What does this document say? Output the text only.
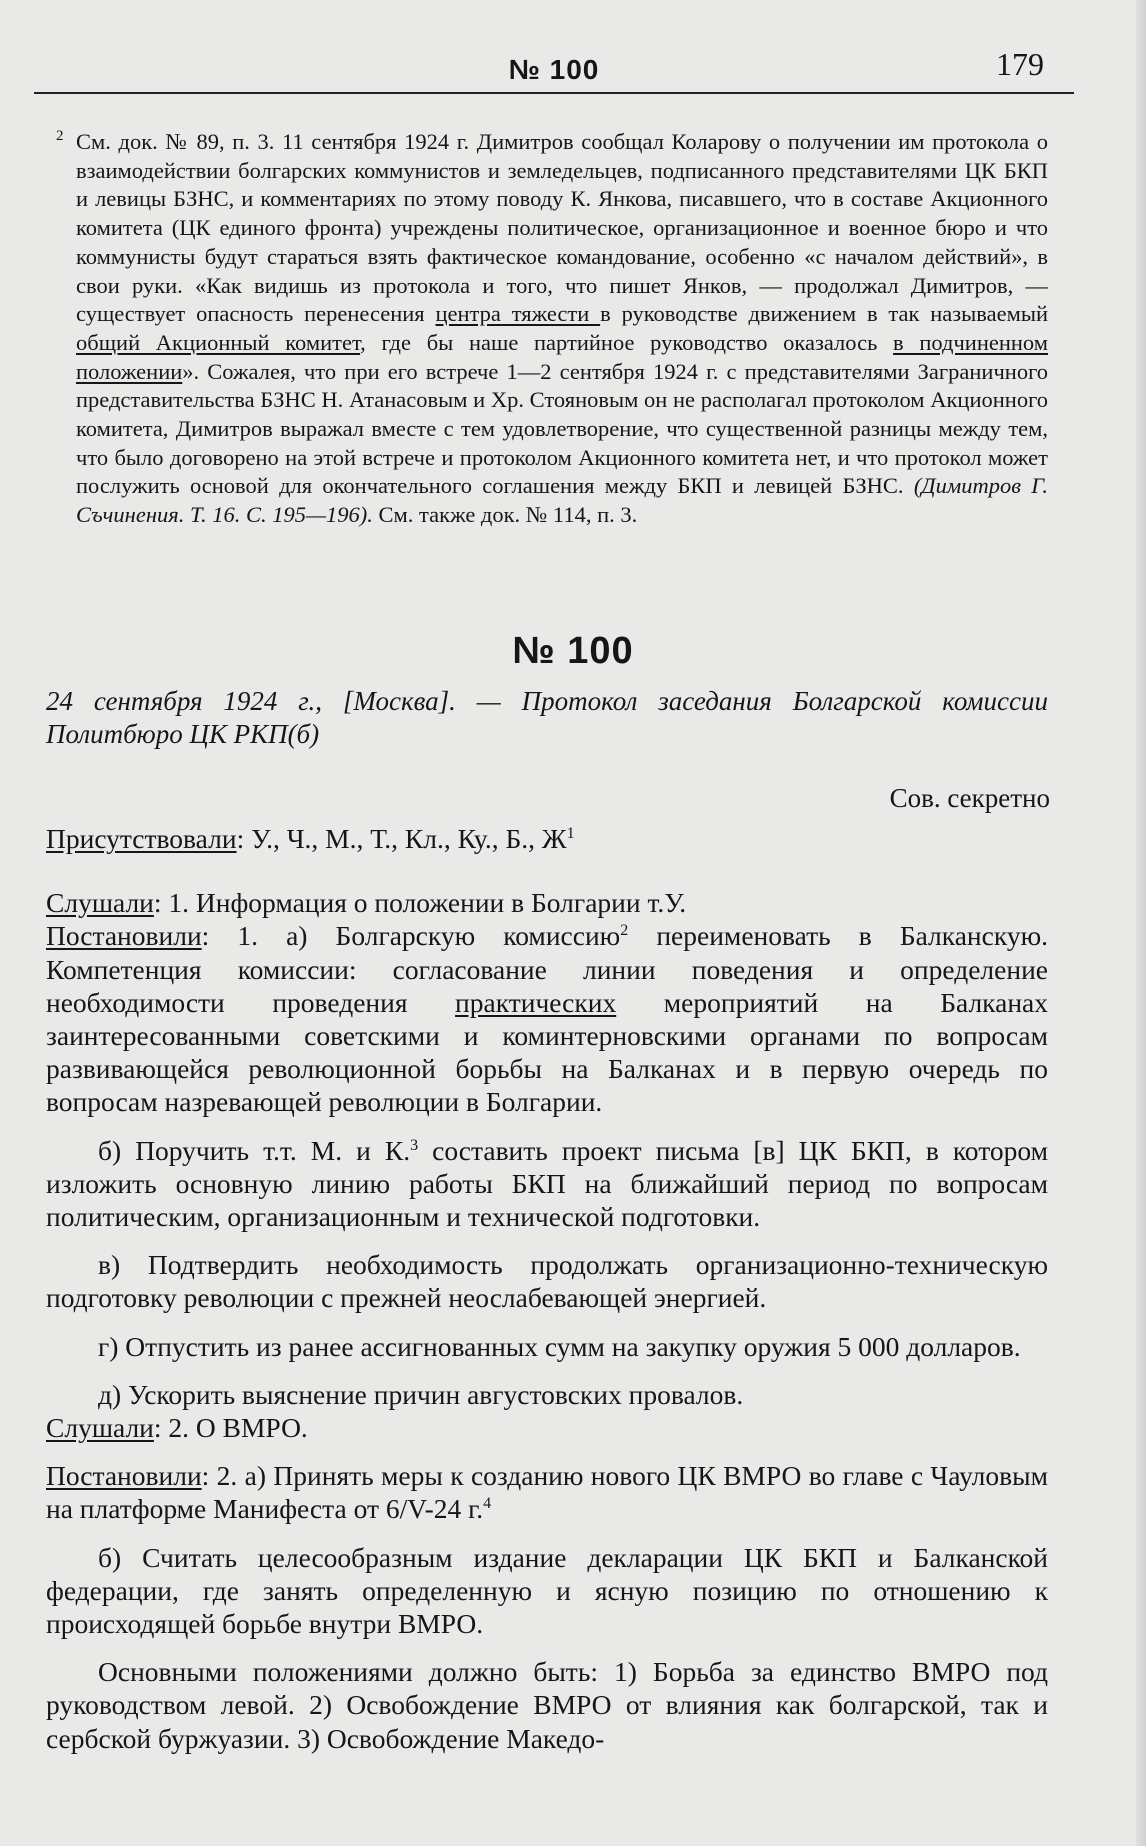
№ 100	179
2 См. док. № 89, п. 3. 11 сентября 1924 г. Димитров сообщал Коларову о получении им протокола о взаимодействии болгарских коммунистов и земледельцев, подписанного представителями ЦК БКП и левицы БЗНС, и комментариях по этому поводу К. Янкова, писавшего, что в составе Акционного комитета (ЦК единого фронта) учреждены политическое, организационное и военное бюро и что коммунисты будут стараться взять фактическое командование, особенно «с началом действий», в свои руки. «Как видишь из протокола и того, что пишет Янков, — продолжал Димитров, — существует опасность перенесения центра тяжести в руководстве движением в так называемый общий Акционный комитет, где бы наше партийное руководство оказалось в подчиненном положении». Сожалея, что при его встрече 1—2 сентября 1924 г. с представителями Заграничного представительства БЗНС Н. Атанасовым и Хр. Стояновым он не располагал протоколом Акционного комитета, Димитров выражал вместе с тем удовлетворение, что существенной разницы между тем, что было договорено на этой встрече и протоколом Акционного комитета нет, и что протокол может послужить основой для окончательного соглашения между БКП и левицей БЗНС. (Димитров Г. Съчинения. Т. 16. С. 195—196). См. также док. № 114, п. 3.
№ 100
24 сентября 1924 г., [Москва]. — Протокол заседания Болгарской комиссии Политбюро ЦК РКП(б)
Сов. секретно

Присутствовали: У., Ч., М., Т., Кл., Ку., Б., $Ж^1$

Слушали: 1. Информация о положении в Болгарии т.У.

Постановили: 1. а) Болгарскую комиссию$^2$ переименовать в Балканскую. Компетенция комиссии: согласование линии поведения и определение необходимости проведения практических мероприятий на Балканах заинтересованными советскими и коминтерновскими органами по вопросам развивающейся революционной борьбы на Балканах и в первую очередь по вопросам назревающей революции в Болгарии.

б) Поручить т.т. М. и К.$^3$ составить проект письма [в] ЦК БКП, в котором изложить основную линию работы БКП на ближайший период по вопросам политическим, организационным и технической подготовки.

в) Подтвердить необходимость продолжать организационно-техническую подготовку революции с прежней неослабевающей энергией.

г) Отпустить из ранее ассигнованных сумм на закупку оружия 5 000 долларов.

д) Ускорить выяснение причин августовских провалов.

Слушали: 2. О ВМРО.

Постановили: 2. а) Принять меры к созданию нового ЦК ВМРО во главе с Чауловым на платформе Манифеста от 6/V-24 г.$^4$

б) Считать целесообразным издание декларации ЦК БКП и Балканской федерации, где занять определенную и ясную позицию по отношению к происходящей борьбе внутри ВМРО.

Основными положениями должно быть: 1) Борьба за единство ВМРО под руководством левой. 2) Освобождение ВМРО от влияния как болгарской, так и сербской буржуазии. 3) Освобождение Македо-
